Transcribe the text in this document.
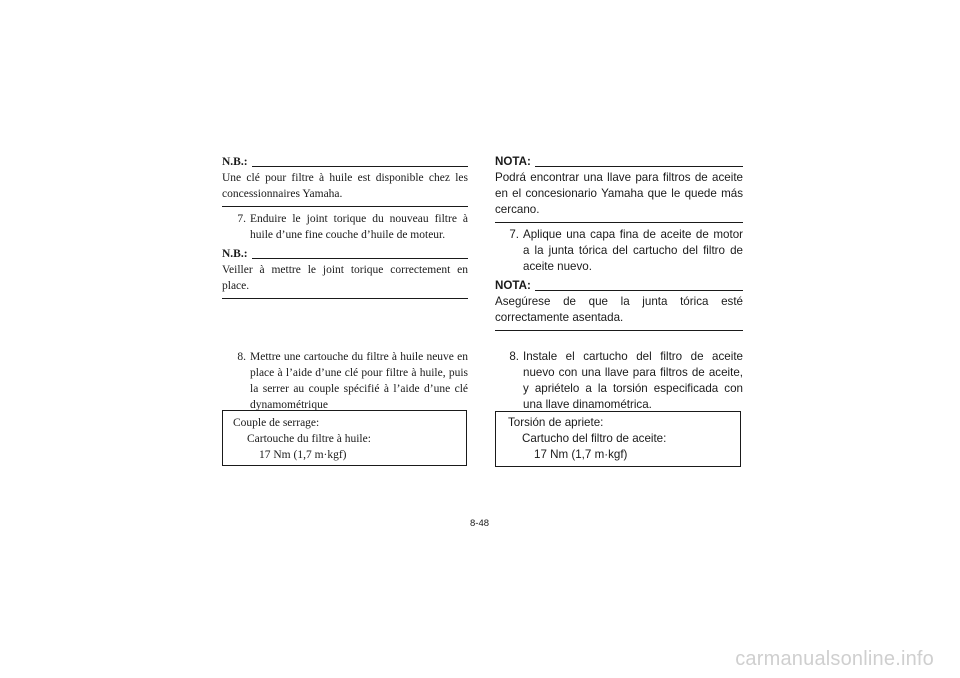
N.B.:
Une clé pour filtre à huile est disponible chez les concessionnaires Yamaha.
7. Enduire le joint torique du nouveau filtre à huile d’une fine couche d’huile de moteur.
N.B.:
Veiller à mettre le joint torique correctement en place.
8. Mettre une cartouche du filtre à huile neuve en place à l’aide d’une clé pour filtre à huile, puis la serrer au couple spécifié à l’aide d’une clé dynamométrique
Couple de serrage:
Cartouche du filtre à huile:
17 Nm (1,7 m·kgf)
NOTA:
Podrá encontrar una llave para filtros de aceite en el concesionario Yamaha que le quede más cercano.
7. Aplique una capa fina de aceite de motor a la junta tórica del cartucho del filtro de aceite nuevo.
NOTA:
Asegúrese de que la junta tórica esté correctamente asentada.
8. Instale el cartucho del filtro de aceite nuevo con una llave para filtros de aceite, y apriételo a la torsión especificada con una llave dinamométrica.
Torsión de apriete:
Cartucho del filtro de aceite:
17 Nm (1,7 m·kgf)
8-48
carmanualsonline.info
